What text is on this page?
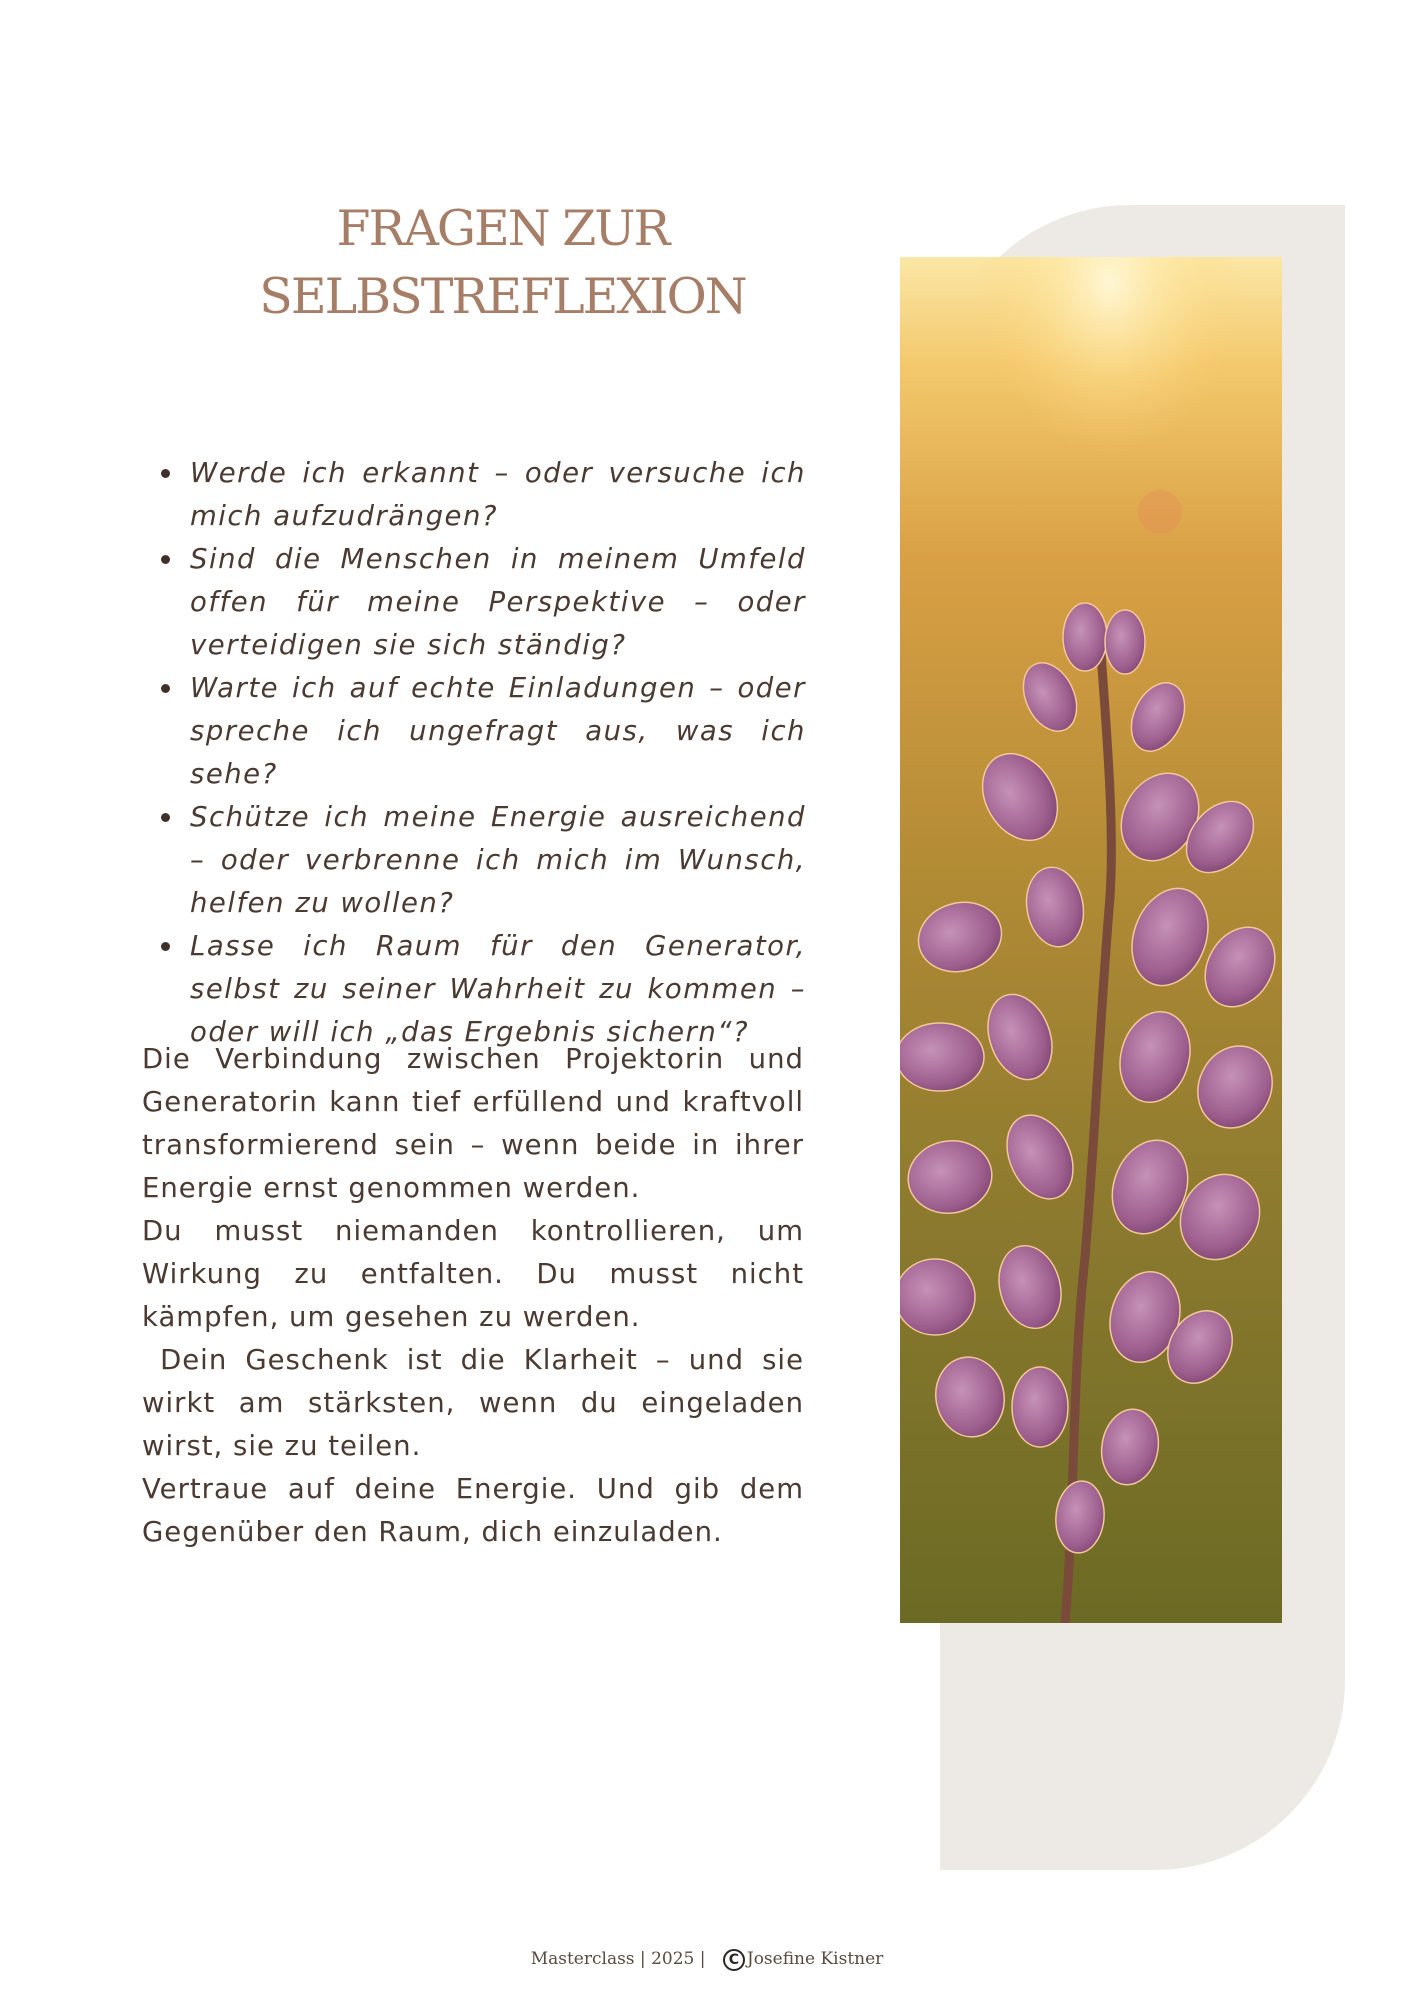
FRAGEN ZUR
SELBSTREFLEXION
Werde ich erkannt – oder versuche ich mich aufzudrängen?
Sind die Menschen in meinem Umfeld offen für meine Perspektive – oder verteidigen sie sich ständig?
Warte ich auf echte Einladungen – oder spreche ich ungefragt aus, was ich sehe?
Schütze ich meine Energie ausreichend – oder verbrenne ich mich im Wunsch, helfen zu wollen?
Lasse ich Raum für den Generator, selbst zu seiner Wahrheit zu kommen – oder will ich „das Ergebnis sichern“?

Die Verbindung zwischen Projektorin und Generatorin kann tief erfüllend und kraftvoll transformierend sein – wenn beide in ihrer Energie ernst genommen werden.

Du musst niemanden kontrollieren, um Wirkung zu entfalten. Du musst nicht kämpfen, um gesehen zu werden.

Dein Geschenk ist die Klarheit – und sie wirkt am stärksten, wenn du eingeladen wirst, sie zu teilen.

Vertraue auf deine Energie. Und gib dem Gegenüber den Raum, dich einzuladen.

Masterclass | 2025 | C Josefine Kistner
